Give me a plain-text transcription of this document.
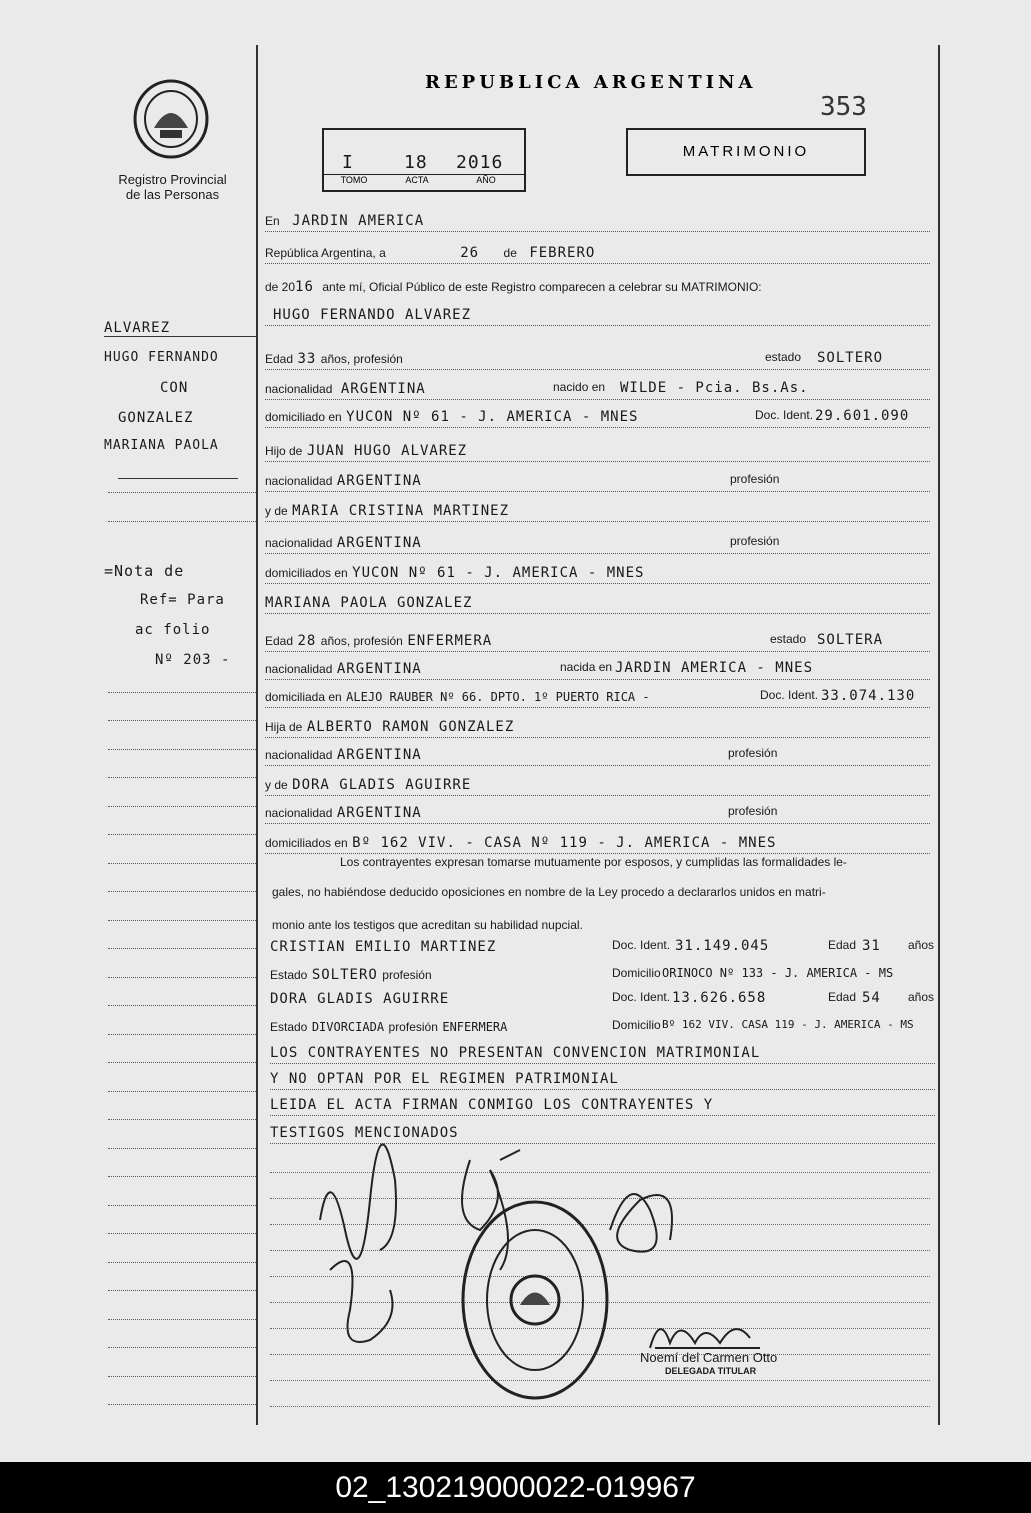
Registro Provincial
de las Personas
REPUBLICA ARGENTINA
353
I	18 2016
TOMO	ACTA	AÑO
MATRIMONIO
ALVAREZ
HUGO FERNANDO
CON
GONZALEZ
MARIANA PAOLA
=Nota de
Ref= Para
ac folio
Nº 203 -
En JARDIN AMERICA
República Argentina, a	26 de FEBRERO
de 2016 ante mí, Oficial Público de este Registro comparecen a celebrar su MATRIMONIO:
HUGO FERNANDO ALVAREZ
Edad 33 años, profesión	estado SOLTERO
nacionalidad ARGENTINA	nacido en WILDE - Pcia. Bs.As.
domiciliado en YUCON Nº 61 - J. AMERICA - MNES	Doc. Ident. 29.601.090
Hijo de JUAN HUGO ALVAREZ
nacionalidad ARGENTINA	profesión
y de MARIA CRISTINA MARTINEZ
nacionalidad ARGENTINA	profesión
domiciliados en YUCON Nº 61 - J. AMERICA - MNES
MARIANA PAOLA GONZALEZ
Edad 28 años, profesión ENFERMERA	estado SOLTERA
nacionalidad ARGENTINA	nacida en JARDIN AMERICA - MNES
domiciliada en ALEJO RAUBER Nº 66. DPTO. 1º PUERTO RICA -	Doc. Ident. 33.074.130
Hija de ALBERTO RAMON GONZALEZ
nacionalidad ARGENTINA	profesión
y de DORA GLADIS AGUIRRE
nacionalidad ARGENTINA	profesión
domiciliados en Bº 162 VIV. - CASA Nº 119 - J. AMERICA - MNES
Los contrayentes expresan tomarse mutuamente por esposos, y cumplidas las formalidades le-
gales, no habiéndose deducido oposiciones en nombre de la Ley procedo a declararlos unidos en matri-
monio ante los testigos que acreditan su habilidad nupcial.
CRISTIAN EMILIO MARTINEZ	Doc. Ident. 31.149.045	Edad 31 años
Estado SOLTERO profesión	Domicilio ORINOCO Nº 133 - J. AMERICA - MS
DORA GLADIS AGUIRRE	Doc. Ident. 13.626.658	Edad 54 años
Estado DIVORCIADA profesión ENFERMERA	Domicilio Bº 162 VIV. CASA 119 - J. AMERICA - MS
LOS CONTRAYENTES NO PRESENTAN CONVENCION MATRIMONIAL
Y NO OPTAN POR EL REGIMEN PATRIMONIAL
LEIDA EL ACTA FIRMAN CONMIGO LOS CONTRAYENTES Y
TESTIGOS MENCIONADOS
Noemí del Carmen Otto
DELEGADA TITULAR
02_130219000022-019967
